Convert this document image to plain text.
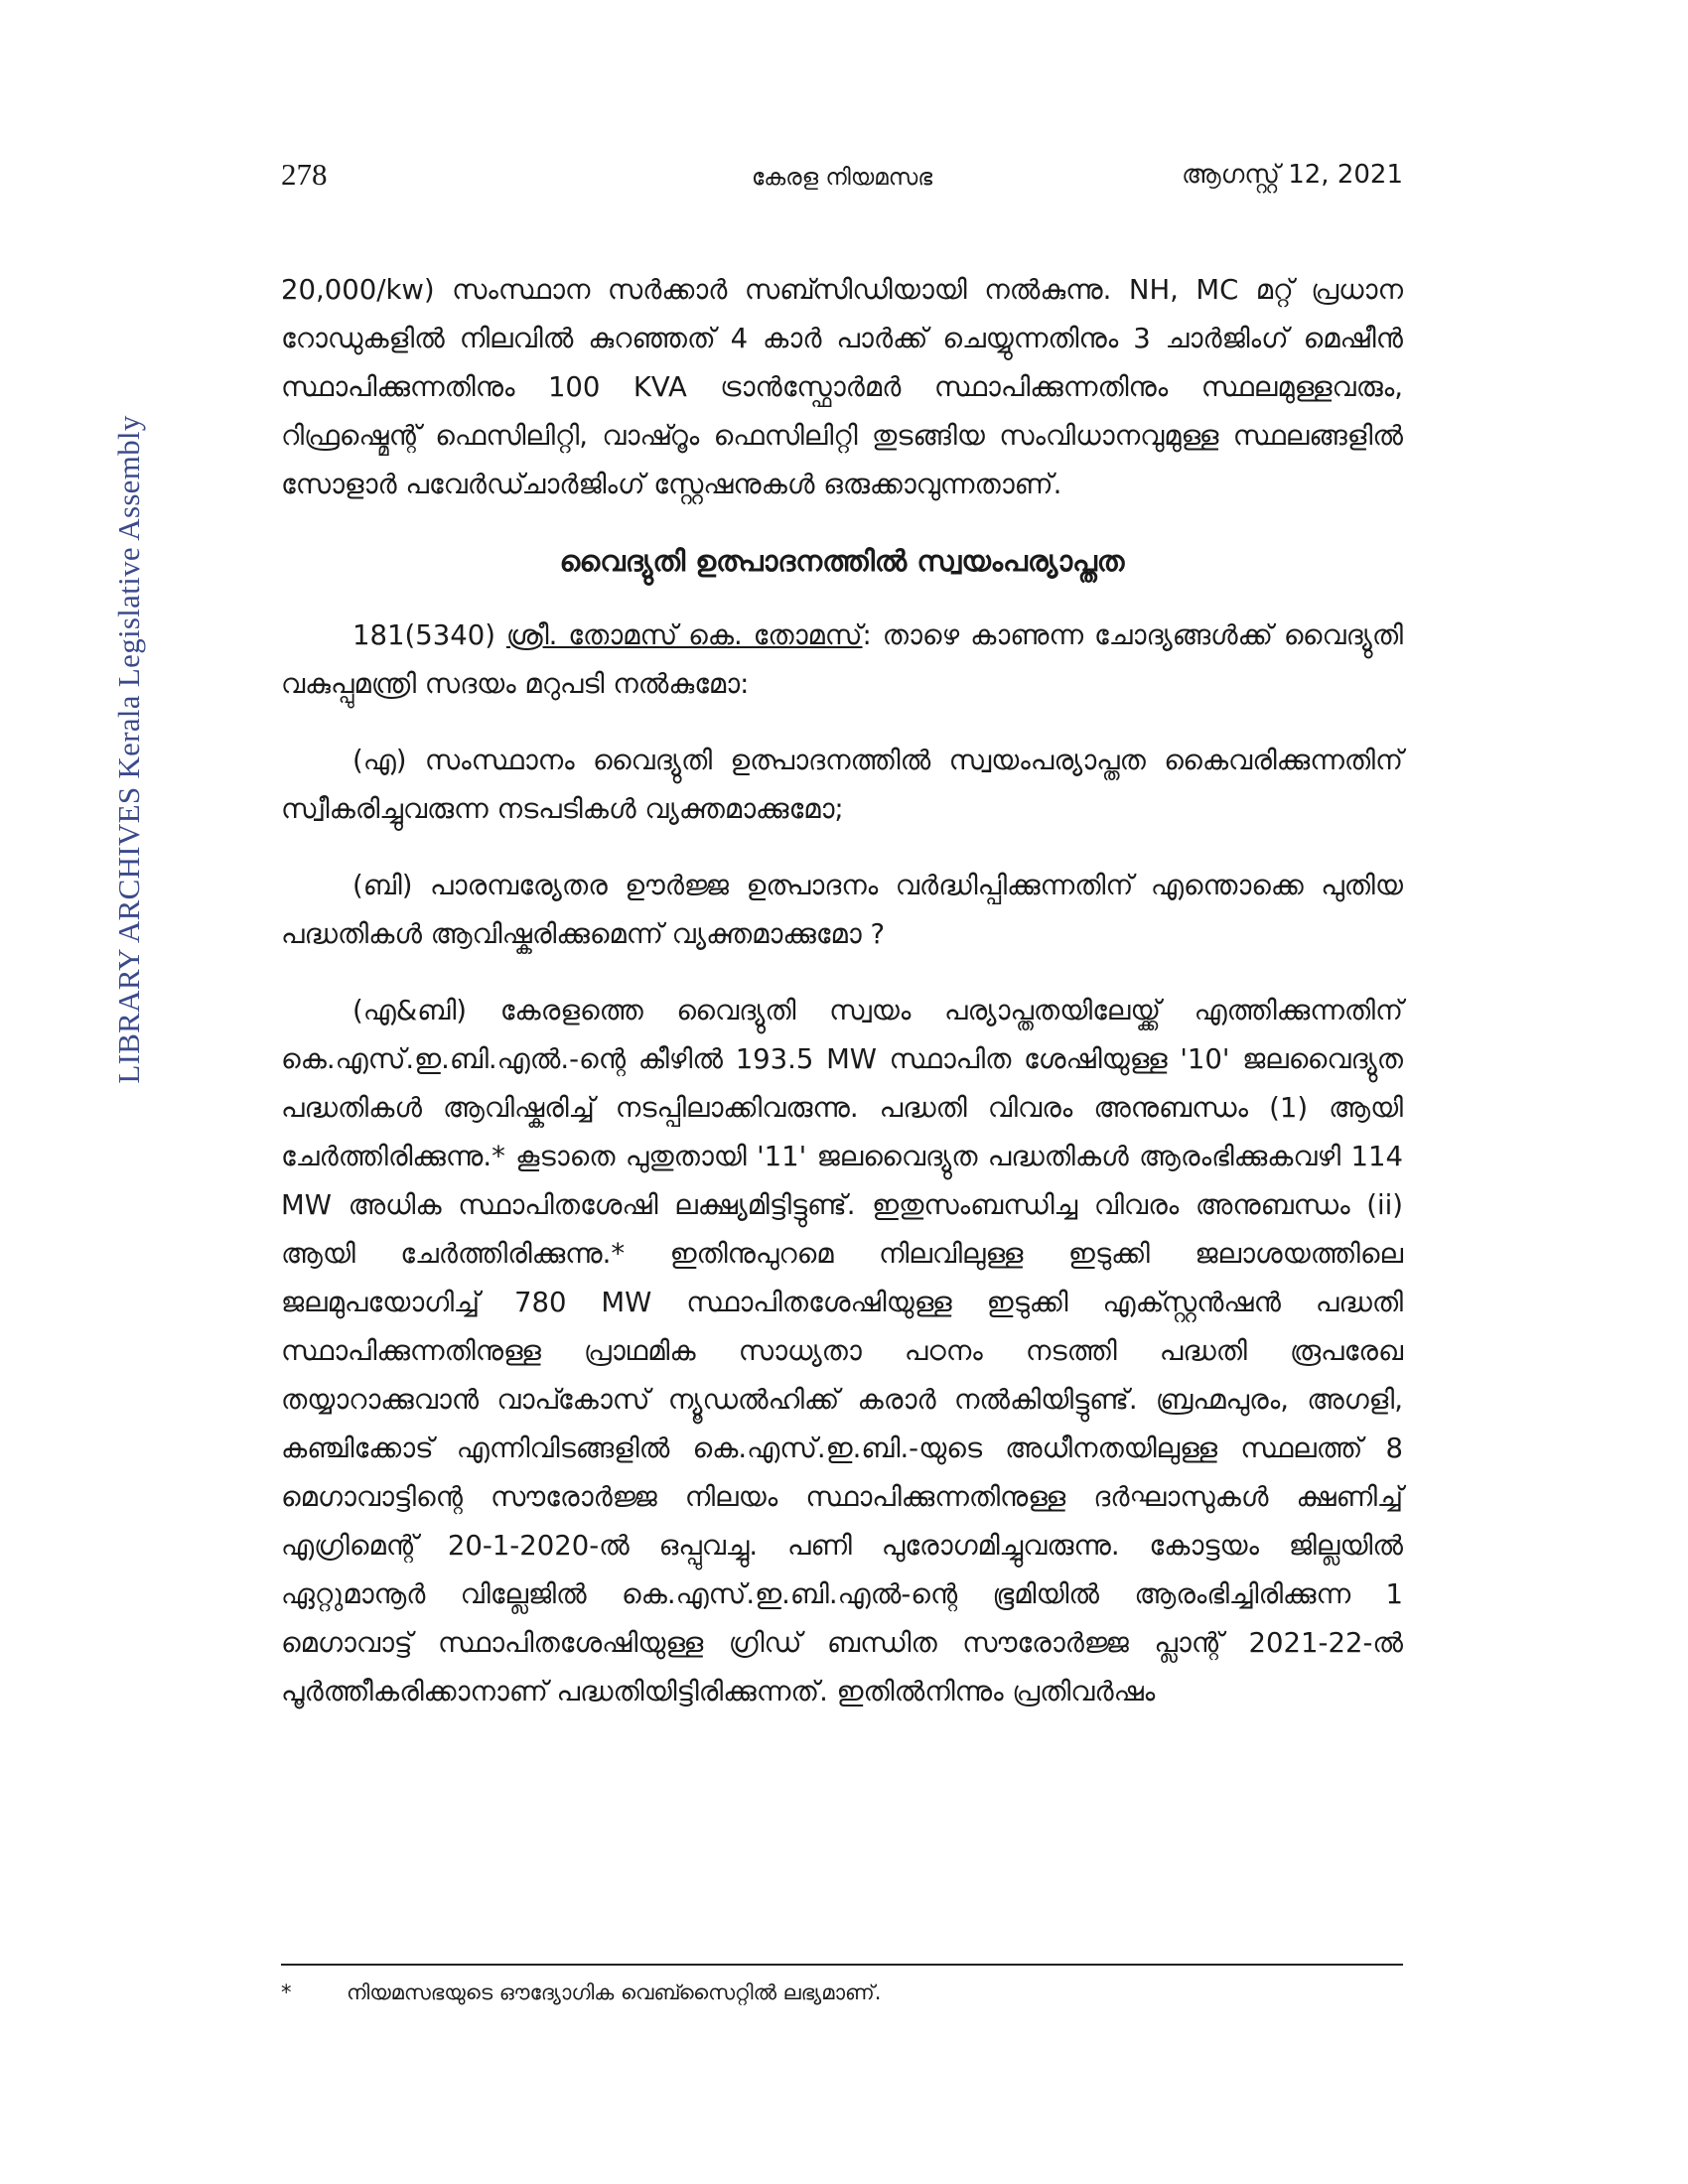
278	കേരള നിയമസഭ	ആഗസ്റ്റ് 12, 2021
LIBRARY ARCHIVES Kerala Legislative Assembly

20,000/kw) സംസ്ഥാന സർക്കാർ സബ്സിഡിയായി നൽകുന്നു. NH, MC മറ്റ് പ്രധാന റോഡുകളിൽ നിലവിൽ കുറഞ്ഞത് 4 കാർ പാർക്ക് ചെയ്യുന്നതിനും 3 ചാർജിംഗ് മെഷീൻ സ്ഥാപിക്കുന്നതിനും 100 KVA ട്രാൻസ്ഫോർമർ സ്ഥാപിക്കുന്നതിനും സ്ഥലമുള്ളവരും, റിഫ്രഷ്മെന്റ് ഫെസിലിറ്റി, വാഷ്റൂം ഫെസിലിറ്റി തുടങ്ങിയ സംവിധാനവുമുള്ള സ്ഥലങ്ങളിൽ സോളാർ പവേർഡ്ചാർജിംഗ് സ്റ്റേഷനുകൾ ഒരുക്കാവുന്നതാണ്.

വൈദ്യുതി ഉത്പാദനത്തിൽ സ്വയംപര്യാപ്തത

181(5340) ശ്രീ. തോമസ് കെ. തോമസ്: താഴെ കാണുന്ന ചോദ്യങ്ങൾക്ക് വൈദ്യുതി വകുപ്പുമന്ത്രി സദയം മറുപടി നൽകുമോ:

(എ) സംസ്ഥാനം വൈദ്യുതി ഉത്പാദനത്തിൽ സ്വയംപര്യാപ്തത കൈവരിക്കുന്നതിന് സ്വീകരിച്ചുവരുന്ന നടപടികൾ വ്യക്തമാക്കുമോ;

(ബി) പാരമ്പര്യേതര ഊർജ്ജ ഉത്പാദനം വർദ്ധിപ്പിക്കുന്നതിന് എന്തൊക്കെ പുതിയ പദ്ധതികൾ ആവിഷ്കരിക്കുമെന്ന് വ്യക്തമാക്കുമോ ?

(എ&ബി) കേരളത്തെ വൈദ്യുതി സ്വയം പര്യാപ്തതയിലേയ്ക്ക് എത്തിക്കുന്നതിന് കെ.എസ്.ഇ.ബി.എൽ.-ന്റെ കീഴിൽ 193.5 MW സ്ഥാപിത ശേഷിയുള്ള '10' ജലവൈദ്യുത പദ്ധതികൾ ആവിഷ്കരിച്ച് നടപ്പിലാക്കിവരുന്നു. പദ്ധതി വിവരം അനുബന്ധം (1) ആയി ചേർത്തിരിക്കുന്നു.* കൂടാതെ പുതുതായി '11' ജലവൈദ്യുത പദ്ധതികൾ ആരംഭിക്കുകവഴി 114 MW അധിക സ്ഥാപിതശേഷി ലക്ഷ്യമിട്ടിട്ടുണ്ട്. ഇതുസംബന്ധിച്ച വിവരം അനുബന്ധം (ii) ആയി ചേർത്തിരിക്കുന്നു.* ഇതിനുപുറമെ നിലവിലുള്ള ഇടുക്കി ജലാശയത്തിലെ ജലമുപയോഗിച്ച് 780 MW സ്ഥാപിതശേഷിയുള്ള ഇടുക്കി എക്സ്റ്റൻഷൻ പദ്ധതി സ്ഥാപിക്കുന്നതിനുള്ള പ്രാഥമിക സാധ്യതാ പഠനം നടത്തി പദ്ധതി രൂപരേഖ തയ്യാറാക്കുവാൻ വാപ്കോസ് ന്യൂഡൽഹിക്ക് കരാർ നൽകിയിട്ടുണ്ട്. ബ്രഹ്മപുരം, അഗളി, കഞ്ചിക്കോട് എന്നിവിടങ്ങളിൽ കെ.എസ്.ഇ.ബി.-യുടെ അധീനതയിലുള്ള സ്ഥലത്ത് 8 മെഗാവാട്ടിന്റെ സൗരോർജ്ജ നിലയം സ്ഥാപിക്കുന്നതിനുള്ള ദർഘാസുകൾ ക്ഷണിച്ച് എഗ്രിമെന്റ് 20-1-2020-ൽ ഒപ്പുവച്ചു. പണി പുരോഗമിച്ചുവരുന്നു. കോട്ടയം ജില്ലയിൽ ഏറ്റുമാനൂർ വില്ലേജിൽ കെ.എസ്.ഇ.ബി.എൽ-ന്റെ ഭൂമിയിൽ ആരംഭിച്ചിരിക്കുന്ന 1 മെഗാവാട്ട് സ്ഥാപിതശേഷിയുള്ള ഗ്രിഡ് ബന്ധിത സൗരോർജ്ജ പ്ലാന്റ് 2021-22-ൽ പൂർത്തീകരിക്കാനാണ് പദ്ധതിയിട്ടിരിക്കുന്നത്. ഇതിൽനിന്നും പ്രതിവർഷം

*	നിയമസഭയുടെ ഔദ്യോഗിക വെബ്സൈറ്റിൽ ലഭ്യമാണ്.
